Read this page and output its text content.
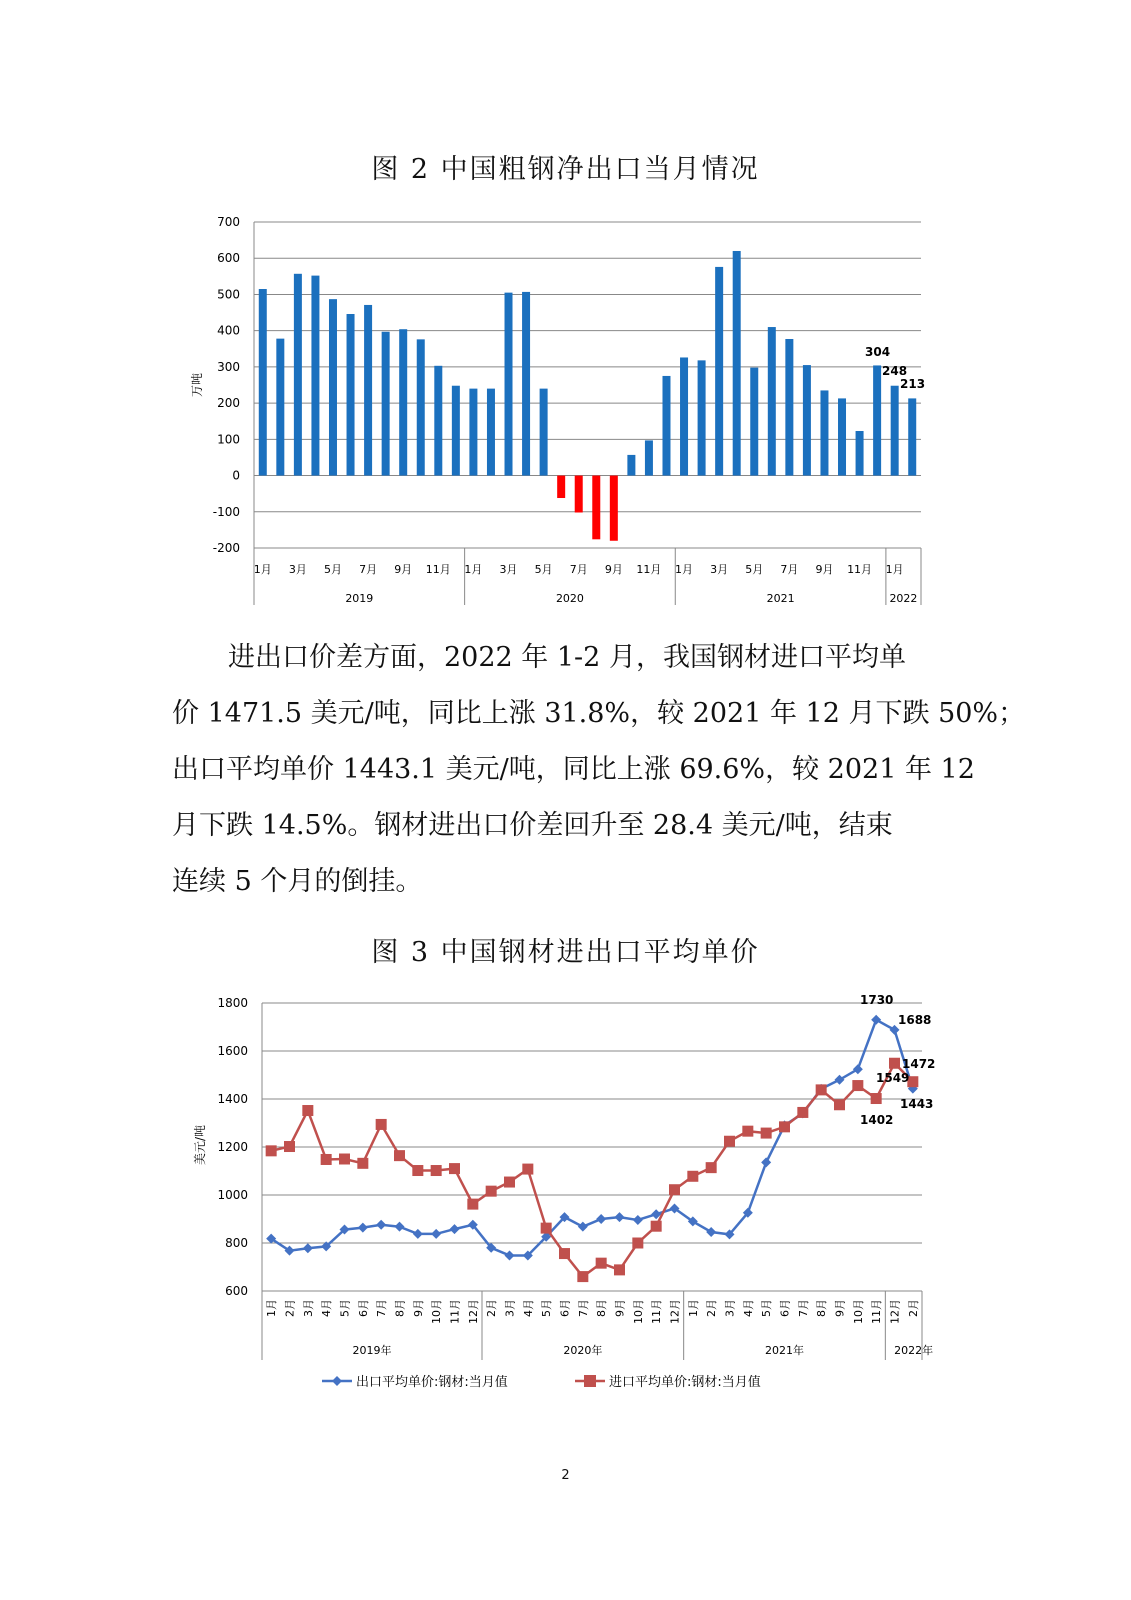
图 2 中国粗钢净出口当月情况
700
600
500
400
300
200
100
0
-100
-200
万吨
1月 3月 5月 7月 9月 11月 1月 3月 5月 7月 9月 11月 1月 3月 5月 7月 9月 11月 1月
2019	2020	2021	2022
304
248
213
进出口价差方面，2022 年 1-2 月，我国钢材进口平均单
价 1471.5 美元/吨，同比上涨 31.8%，较 2021 年 12 月下跌 50%；
出口平均单价 1443.1 美元/吨，同比上涨 69.6%，较 2021 年 12
月下跌 14.5%。钢材进出口价差回升至 28.4 美元/吨，结束
连续 5 个月的倒挂。
图 3 中国钢材进出口平均单价
1800
1600
1400
1200
1000
800
600
美元/吨
1月 2月 3月 4月 5月 6月 7月 8月 9月 10月 11月 12月 2月 3月 4月 5月 6月 7月 8月 9月 10月 11月 12月 1月 2月 3月 4月 5月 6月 7月 8月 9月 10月 11月 12月 2月
2019年	2020年	2021年	2022年
1730
1688
1472
1549
1402
1443
出口平均单价:钢材:当月值	进口平均单价:钢材:当月值
2
